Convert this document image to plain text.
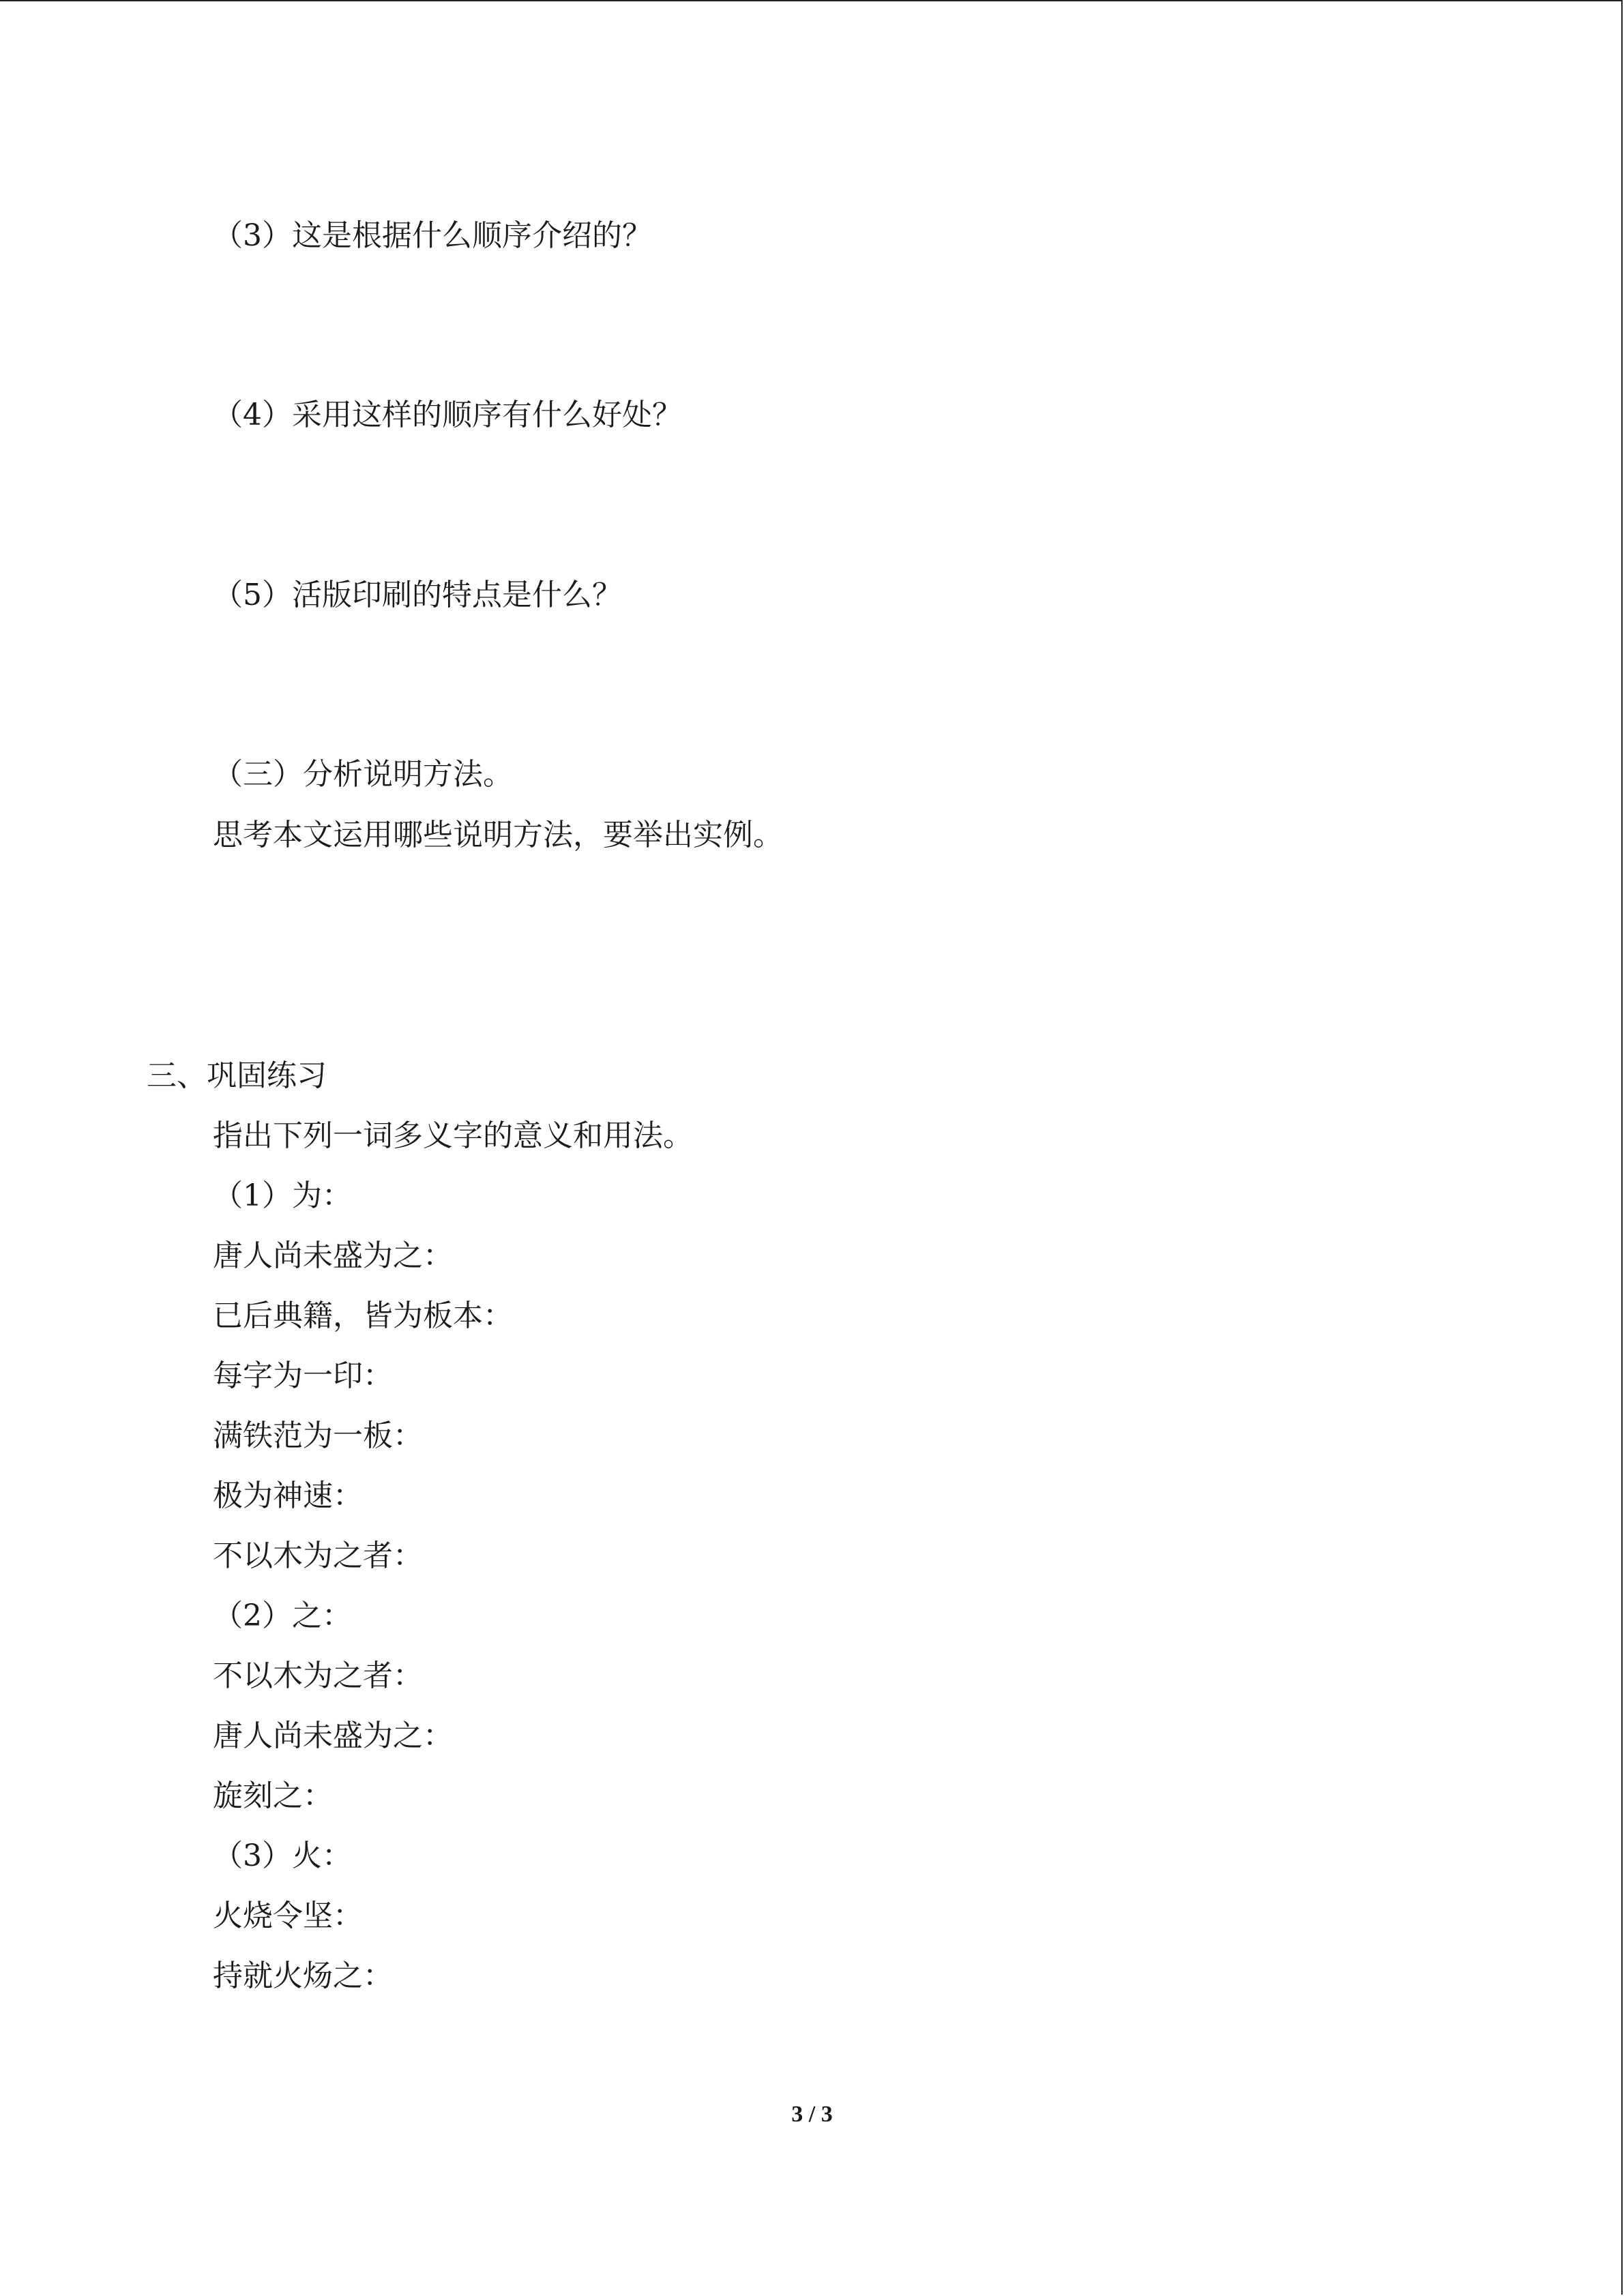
（3）这是根据什么顺序介绍的？
（4）采用这样的顺序有什么好处？
（5）活版印刷的特点是什么？
（三）分析说明方法。
思考本文运用哪些说明方法，要举出实例。
三、巩固练习
指出下列一词多义字的意义和用法。
（1）为：
唐人尚未盛为之：
已后典籍，皆为板本：
每字为一印：
满铁范为一板：
极为神速：
不以木为之者：
（2）之：
不以木为之者：
唐人尚未盛为之：
旋刻之：
（3）火：
火烧令坚：
持就火炀之：
3 / 3
